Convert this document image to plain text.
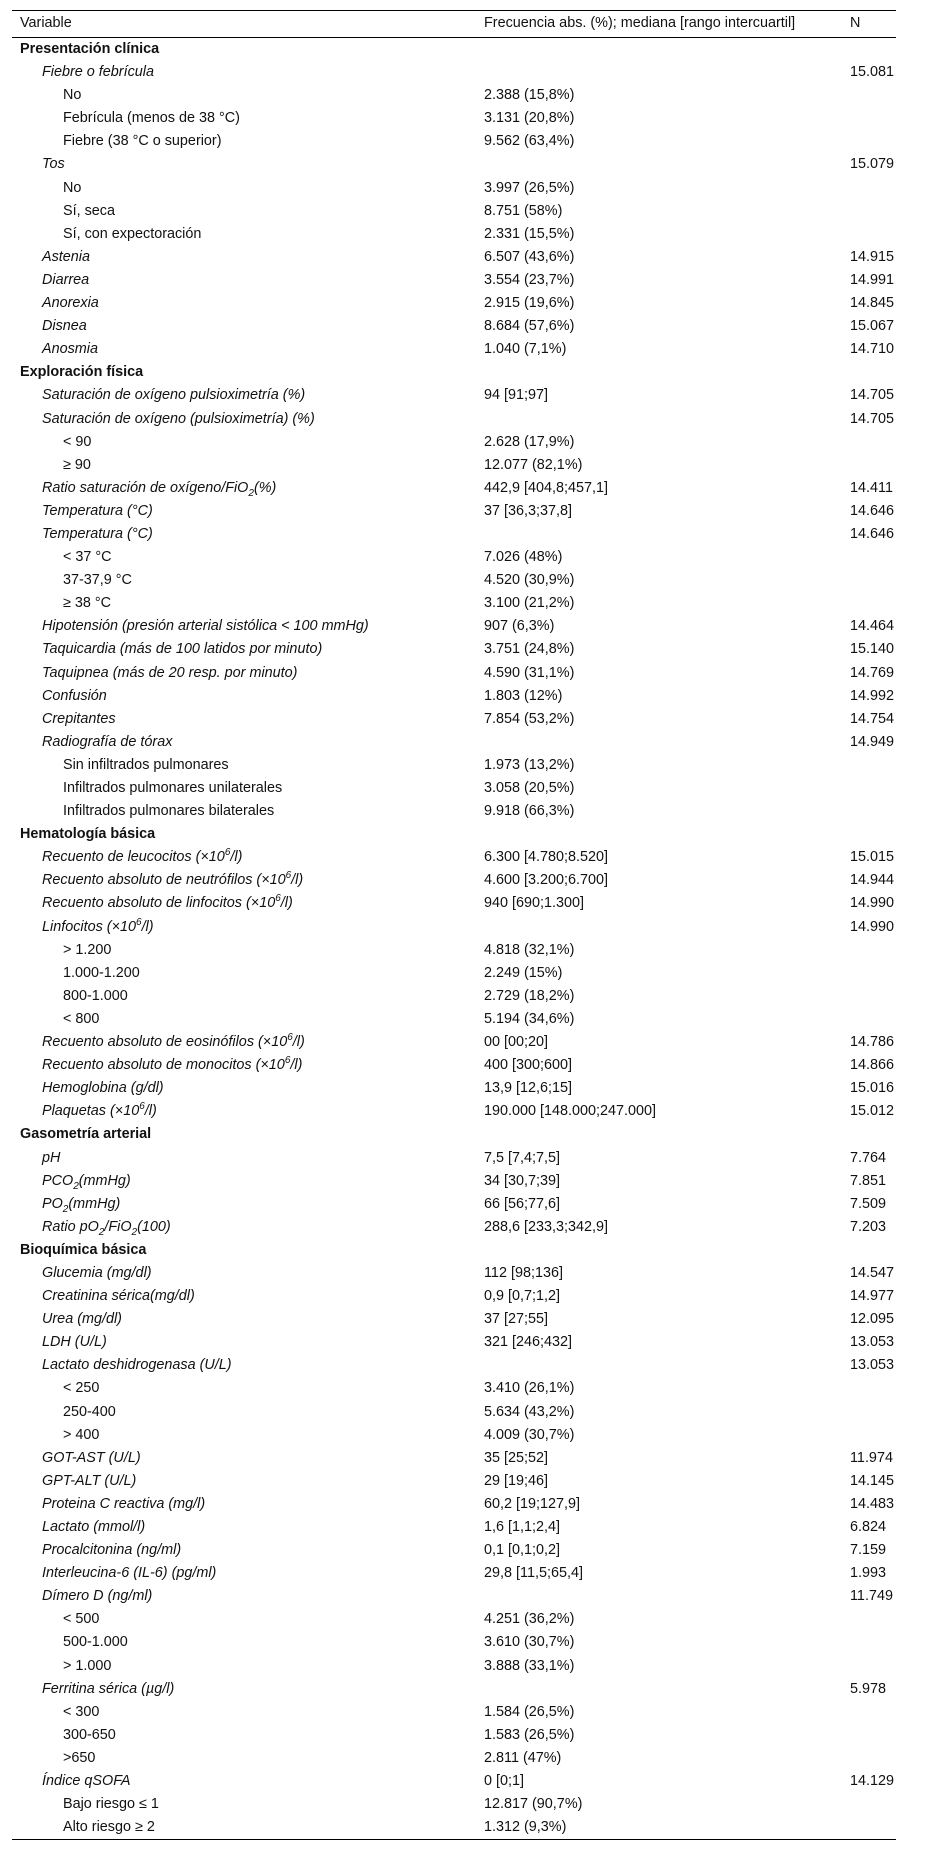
Variable	Frecuencia abs. (%); mediana [rango intercuartil]	N
Presentación clínica		
Fiebre o febrícula		15.081
No	2.388 (15,8%)	
Febrícula (menos de 38 °C)	3.131 (20,8%)	
Fiebre (38 °C o superior)	9.562 (63,4%)	
Tos		15.079
No	3.997 (26,5%)	
Sí, seca	8.751 (58%)	
Sí, con expectoración	2.331 (15,5%)	
Astenia	6.507 (43,6%)	14.915
Diarrea	3.554 (23,7%)	14.991
Anorexia	2.915 (19,6%)	14.845
Disnea	8.684 (57,6%)	15.067
Anosmia	1.040 (7,1%)	14.710
Exploración física		
Saturación de oxígeno pulsioximetría (%)	94 [91;97]	14.705
Saturación de oxígeno (pulsioximetría) (%)		14.705
< 90	2.628 (17,9%)	
≥ 90	12.077 (82,1%)	
Ratio saturación de oxígeno/FiO$_2$(%)	442,9 [404,8;457,1]	14.411
Temperatura (°C)	37 [36,3;37,8]	14.646
Temperatura (°C)		14.646
< 37 °C	7.026 (48%)	
37-37,9 °C	4.520 (30,9%)	
≥ 38 °C	3.100 (21,2%)	
Hipotensión (presión arterial sistólica < 100 mmHg)	907 (6,3%)	14.464
Taquicardia (más de 100 latidos por minuto)	3.751 (24,8%)	15.140
Taquipnea (más de 20 resp. por minuto)	4.590 (31,1%)	14.769
Confusión	1.803 (12%)	14.992
Crepitantes	7.854 (53,2%)	14.754
Radiografía de tórax		14.949
Sin infiltrados pulmonares	1.973 (13,2%)	
Infiltrados pulmonares unilaterales	3.058 (20,5%)	
Infiltrados pulmonares bilaterales	9.918 (66,3%)	
Hematología básica		
Recuento de leucocitos $(\times 10^6/l)$	6.300 [4.780;8.520]	15.015
Recuento absoluto de neutrófilos $(\times 10^6/l)$	4.600 [3.200;6.700]	14.944
Recuento absoluto de linfocitos $(\times 10^6/l)$	940 [690;1.300]	14.990
Linfocitos $(\times 10^6/l)$		14.990
> 1.200	4.818 (32,1%)	
1.000-1.200	2.249 (15%)	
800-1.000	2.729 (18,2%)	
< 800	5.194 (34,6%)	
Recuento absoluto de eosinófilos $(\times 10^6/l)$	00 [00;20]	14.786
Recuento absoluto de monocitos $(\times 10^6/l)$	400 [300;600]	14.866
Hemoglobina (g/dl)	13,9 [12,6;15]	15.016
Plaquetas $(\times 10^6/l)$	190.000 [148.000;247.000]	15.012
Gasometría arterial		
pH	7,5 [7,4;7,5]	7.764
$PCO_2(mmHg)$	34 [30,7;39]	7.851
$PO_2(mmHg)$	66 [56;77,6]	7.509
Ratio $pO_2/FiO_2(100)$	288,6 [233,3;342,9]	7.203
Bioquímica básica		
Glucemia (mg/dl)	112 [98;136]	14.547
Creatinina sérica(mg/dl)	0,9 [0,7;1,2]	14.977
Urea (mg/dl)	37 [27;55]	12.095
LDH (U/L)	321 [246;432]	13.053
Lactato deshidrogenasa (U/L)		13.053
< 250	3.410 (26,1%)	
250-400	5.634 (43,2%)	
> 400	4.009 (30,7%)	
GOT-AST (U/L)	35 [25;52]	11.974
GPT-ALT (U/L)	29 [19;46]	14.145
Proteina C reactiva (mg/l)	60,2 [19;127,9]	14.483
Lactato (mmol/l)	1,6 [1,1;2,4]	6.824
Procalcitonina (ng/ml)	0,1 [0,1;0,2]	7.159
Interleucina-6 (IL-6) (pg/ml)	29,8 [11,5;65,4]	1.993
Dímero D (ng/ml)		11.749
< 500	4.251 (36,2%)	
500-1.000	3.610 (30,7%)	
> 1.000	3.888 (33,1%)	
Ferritina sérica (µg/l)		5.978
< 300	1.584 (26,5%)	
300-650	1.583 (26,5%)	
>650	2.811 (47%)	
Índice qSOFA	0 [0;1]	14.129
Bajo riesgo ≤ 1	12.817 (90,7%)	
Alto riesgo ≥ 2	1.312 (9,3%)	
